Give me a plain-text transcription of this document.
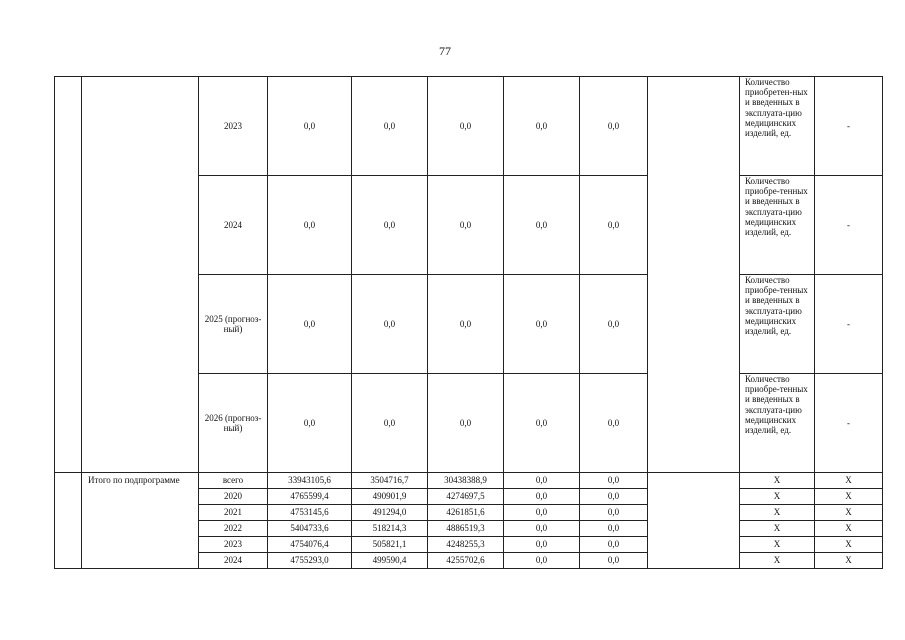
77
		2023	0,0	0,0	0,0	0,0	0,0		Количество приобретен-ных и введенных в эксплуата-цию медицинских изделий, ед.	-
		2024	0,0	0,0	0,0	0,0	0,0		Количество приобре-тенных и введенных в эксплуата-цию медицинских изделий, ед.	-
		2025 (прогноз-ный)	0,0	0,0	0,0	0,0	0,0		Количество приобре-тенных и введенных в эксплуата-цию медицинских изделий, ед.	-
		2026 (прогноз-ный)	0,0	0,0	0,0	0,0	0,0		Количество приобре-тенных и введенных в эксплуата-цию медицинских изделий, ед.	-
	Итого по подпрограмме	всего	33943105,6	3504716,7	30438388,9	0,0	0,0		X	X
		2020	4765599,4	490901,9	4274697,5	0,0	0,0		X	X
		2021	4753145,6	491294,0	4261851,6	0,0	0,0		X	X
		2022	5404733,6	518214,3	4886519,3	0,0	0,0		X	X
		2023	4754076,4	505821,1	4248255,3	0,0	0,0		X	X
		2024	4755293,0	499590,4	4255702,6	0,0	0,0		X	X
